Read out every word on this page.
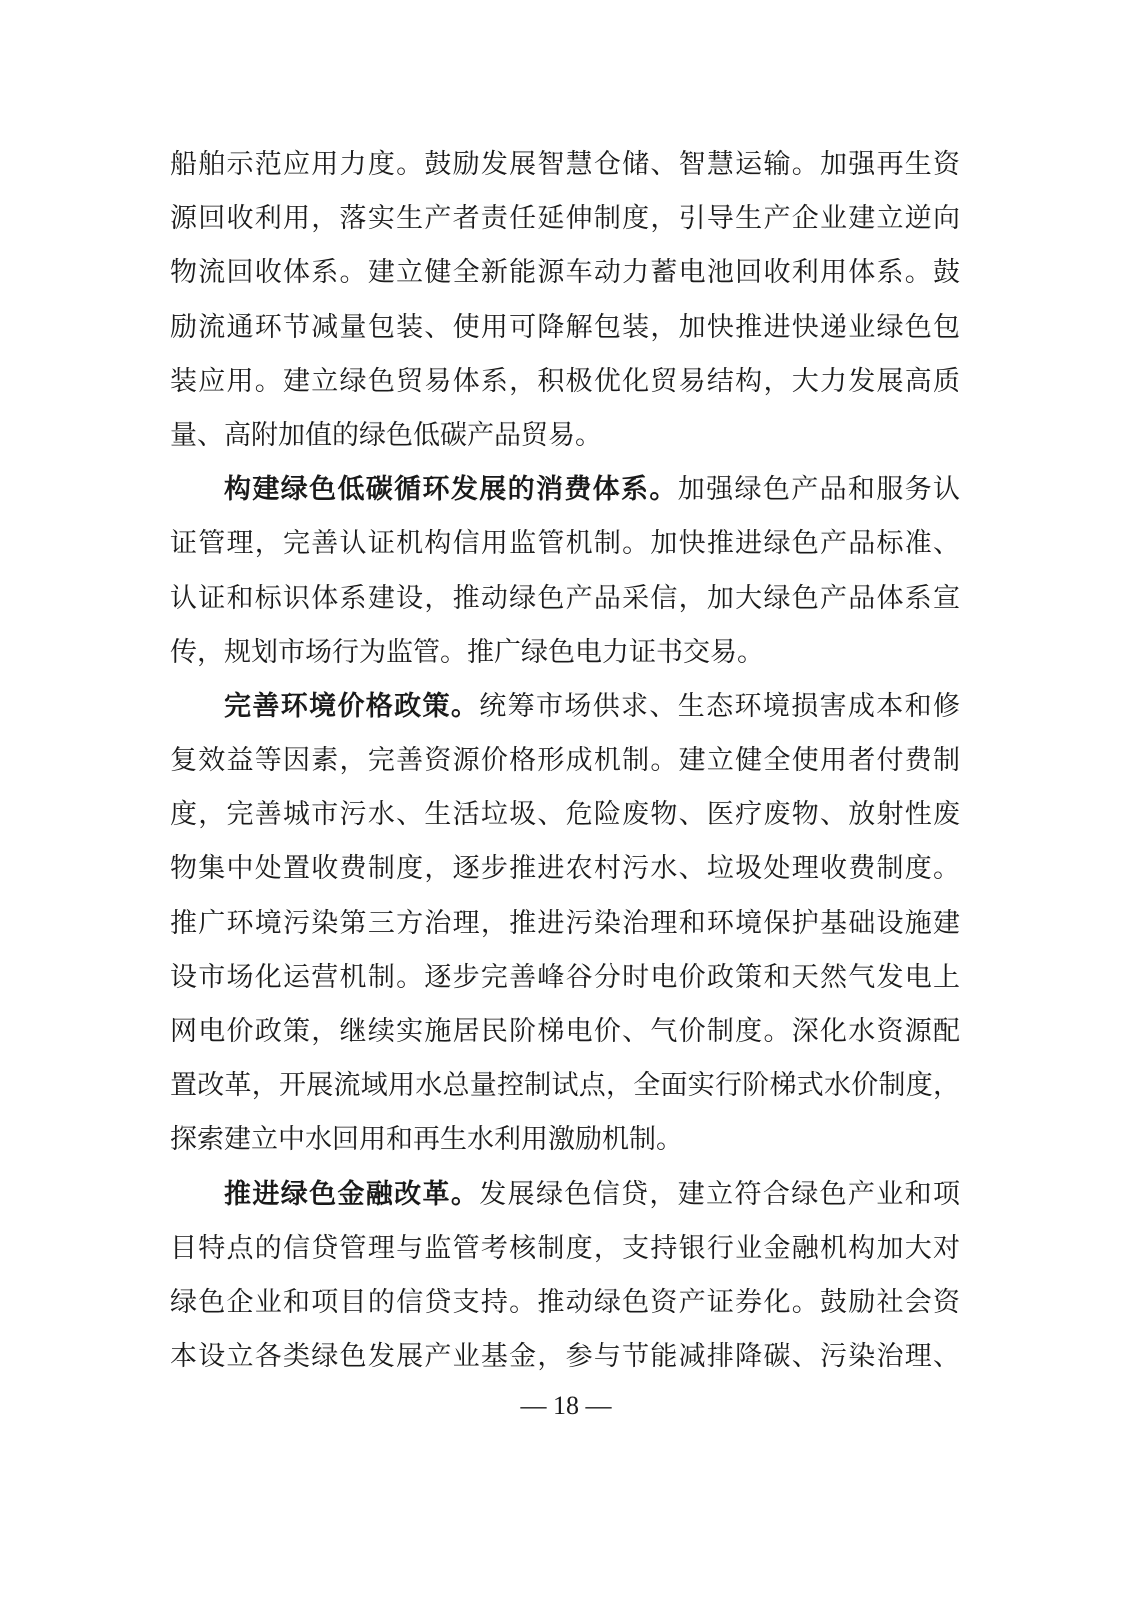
船舶示范应用力度。鼓励发展智慧仓储、智慧运输。加强再生资
源回收利用，落实生产者责任延伸制度，引导生产企业建立逆向
物流回收体系。建立健全新能源车动力蓄电池回收利用体系。鼓
励流通环节减量包装、使用可降解包装，加快推进快递业绿色包
装应用。建立绿色贸易体系，积极优化贸易结构，大力发展高质
量、高附加值的绿色低碳产品贸易。
构建绿色低碳循环发展的消费体系。加强绿色产品和服务认
证管理，完善认证机构信用监管机制。加快推进绿色产品标准、
认证和标识体系建设，推动绿色产品采信，加大绿色产品体系宣
传，规划市场行为监管。推广绿色电力证书交易。
完善环境价格政策。统筹市场供求、生态环境损害成本和修
复效益等因素，完善资源价格形成机制。建立健全使用者付费制
度，完善城市污水、生活垃圾、危险废物、医疗废物、放射性废
物集中处置收费制度，逐步推进农村污水、垃圾处理收费制度。
推广环境污染第三方治理，推进污染治理和环境保护基础设施建
设市场化运营机制。逐步完善峰谷分时电价政策和天然气发电上
网电价政策，继续实施居民阶梯电价、气价制度。深化水资源配
置改革，开展流域用水总量控制试点，全面实行阶梯式水价制度，
探索建立中水回用和再生水利用激励机制。
推进绿色金融改革。发展绿色信贷，建立符合绿色产业和项
目特点的信贷管理与监管考核制度，支持银行业金融机构加大对
绿色企业和项目的信贷支持。推动绿色资产证券化。鼓励社会资
本设立各类绿色发展产业基金，参与节能减排降碳、污染治理、
— 18 —
